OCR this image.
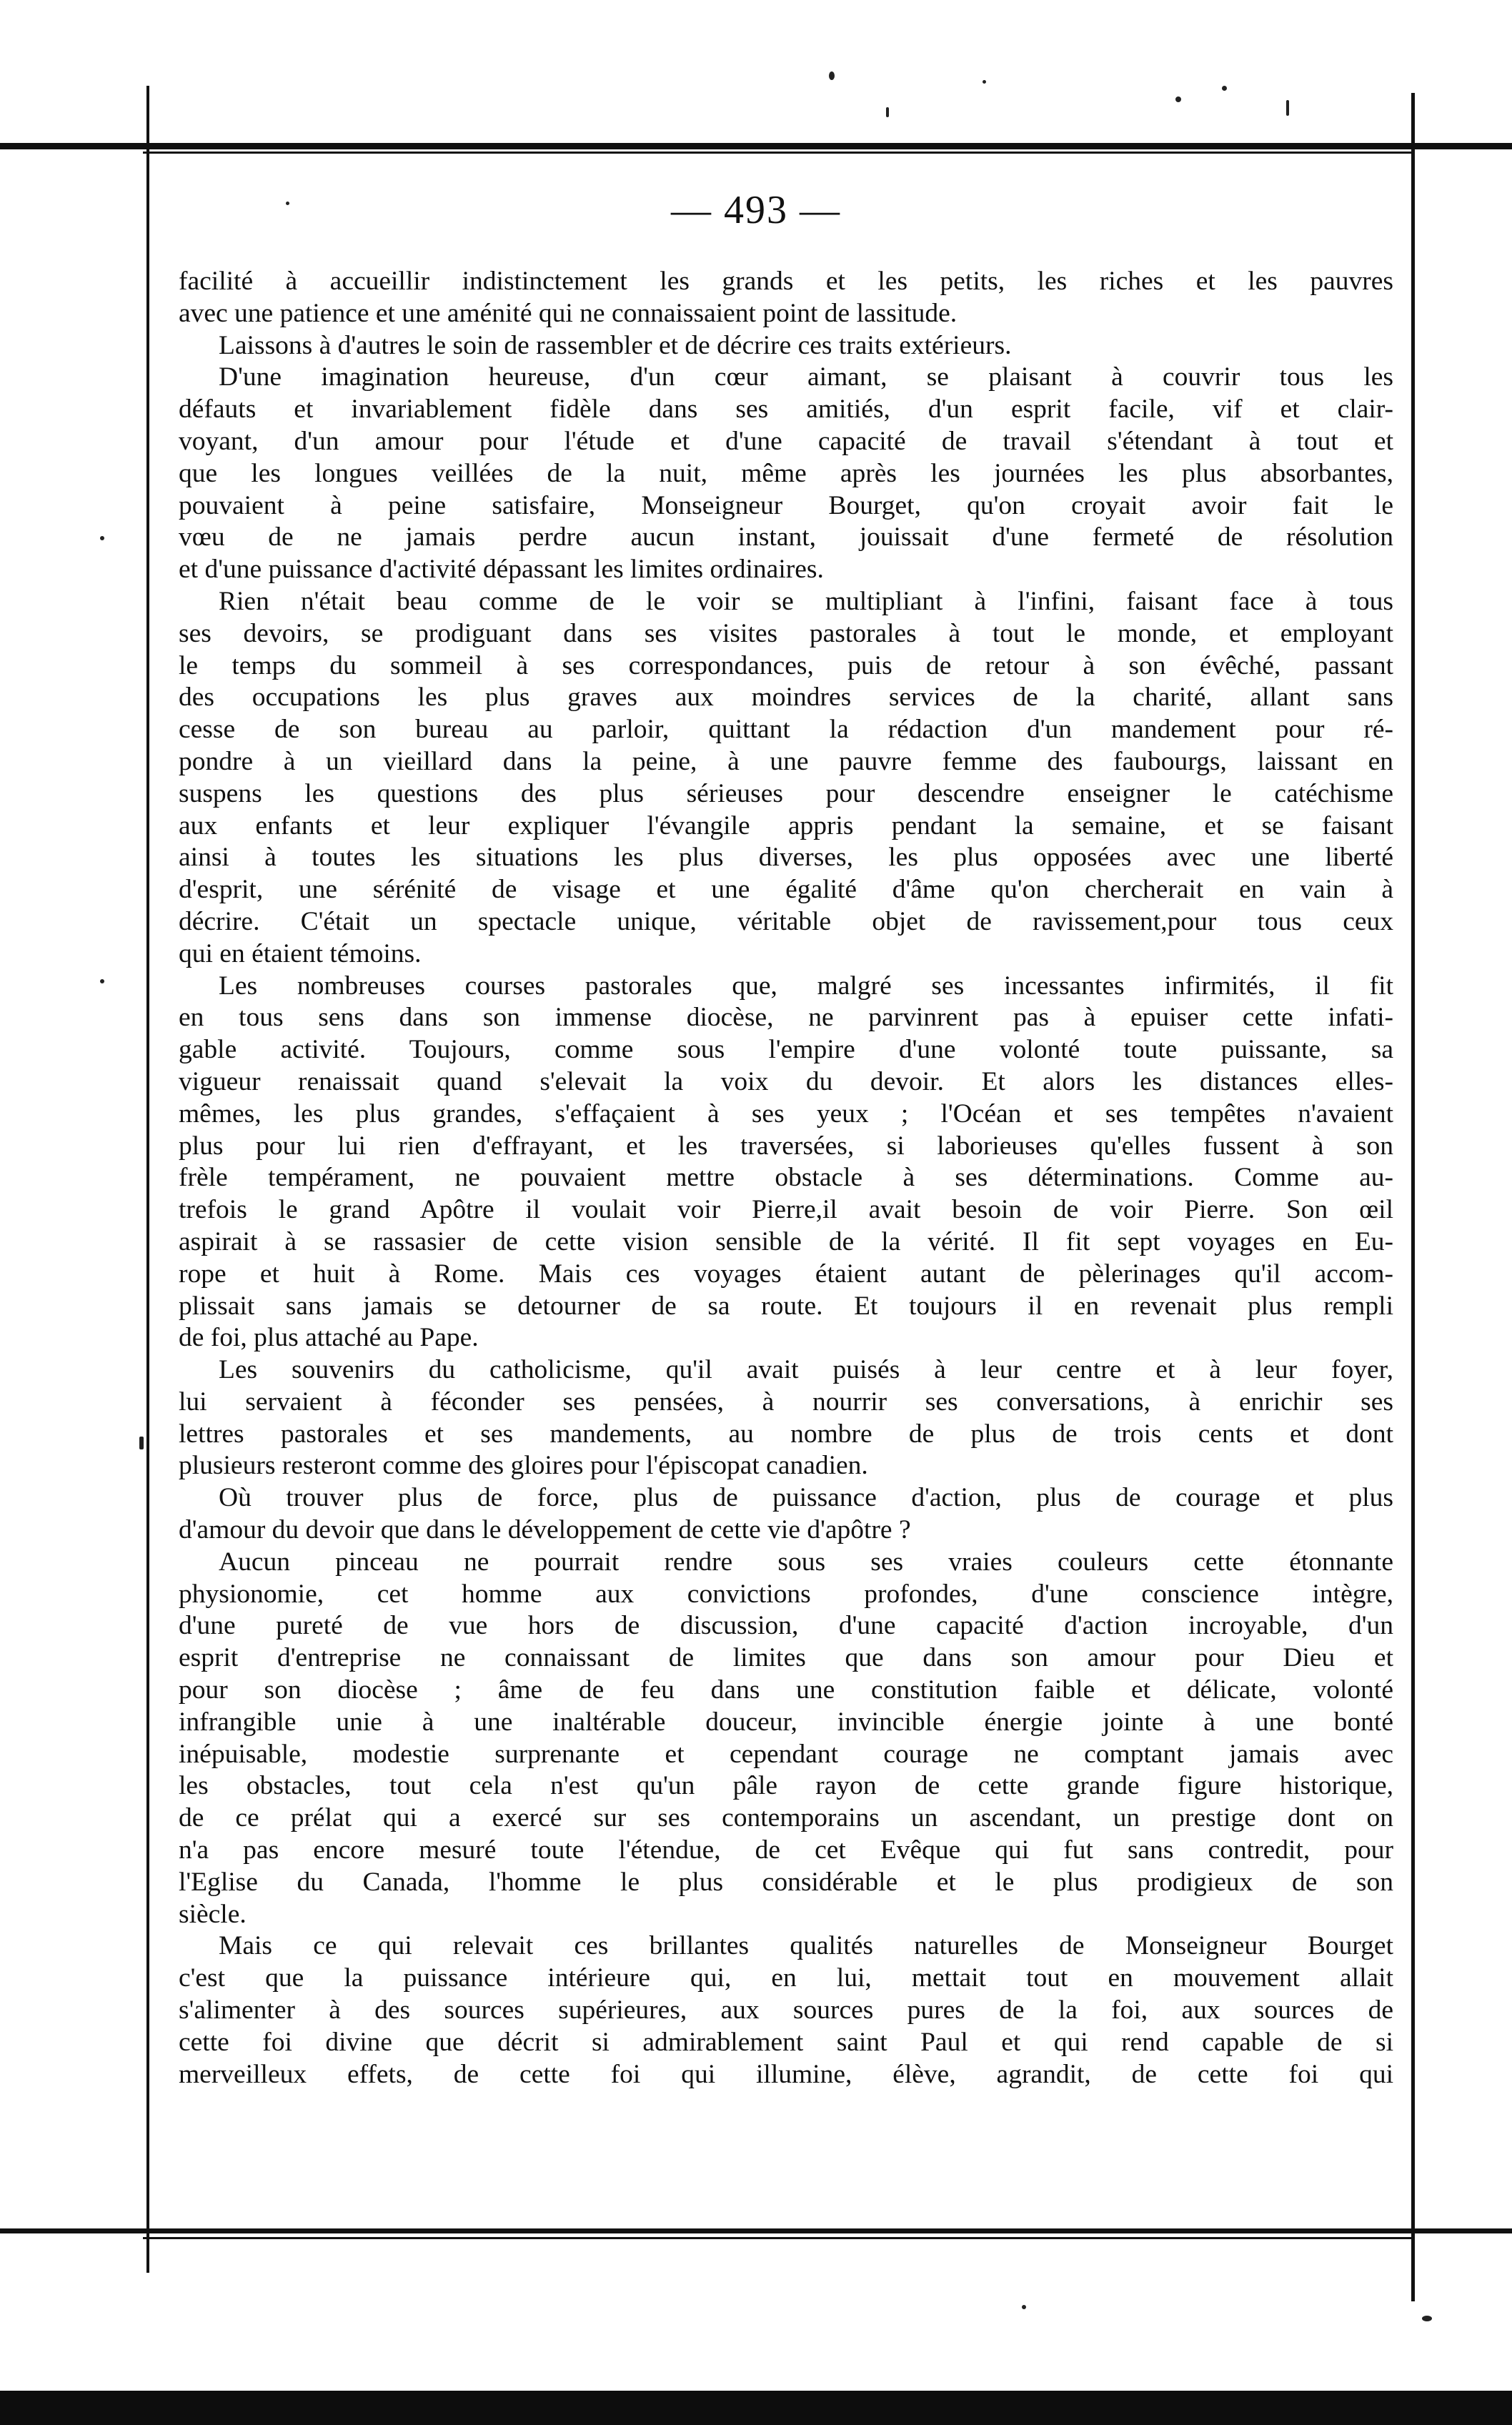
— 493 —

facilité à accueillir indistinctement les grands et les petits, les riches et les pauvres

avec une patience et une aménité qui ne connaissaient point de lassitude.

Laissons à d'autres le soin de rassembler et de décrire ces traits extérieurs.

D'une imagination heureuse, d'un cœur aimant, se plaisant à couvrir tous les

défauts et invariablement fidèle dans ses amitiés, d'un esprit facile, vif et clair-

voyant, d'un amour pour l'étude et d'une capacité de travail s'étendant à tout et

que les longues veillées de la nuit, même après les journées les plus absorbantes,

pouvaient à peine satisfaire, Monseigneur Bourget, qu'on croyait avoir fait le

vœu de ne jamais perdre aucun instant, jouissait d'une fermeté de résolution

et d'une puissance d'activité dépassant les limites ordinaires.

Rien n'était beau comme de le voir se multipliant à l'infini, faisant face à tous

ses devoirs, se prodiguant dans ses visites pastorales à tout le monde, et employant

le temps du sommeil à ses correspondances, puis de retour à son évêché, passant

des occupations les plus graves aux moindres services de la charité, allant sans

cesse de son bureau au parloir, quittant la rédaction d'un mandement pour ré-

pondre à un vieillard dans la peine, à une pauvre femme des faubourgs, laissant en

suspens les questions des plus sérieuses pour descendre enseigner le catéchisme

aux enfants et leur expliquer l'évangile appris pendant la semaine, et se faisant

ainsi à toutes les situations les plus diverses, les plus opposées avec une liberté

d'esprit, une sérénité de visage et une égalité d'âme qu'on chercherait en vain à

décrire. C'était un spectacle unique, véritable objet de ravissement,pour tous ceux

qui en étaient témoins.

Les nombreuses courses pastorales que, malgré ses incessantes infirmités, il fit

en tous sens dans son immense diocèse, ne parvinrent pas à epuiser cette infati-

gable activité. Toujours, comme sous l'empire d'une volonté toute puissante, sa

vigueur renaissait quand s'elevait la voix du devoir. Et alors les distances elles-

mêmes, les plus grandes, s'effaçaient à ses yeux ; l'Océan et ses tempêtes n'avaient

plus pour lui rien d'effrayant, et les traversées, si laborieuses qu'elles fussent à son

frèle tempérament, ne pouvaient mettre obstacle à ses déterminations. Comme au-

trefois le grand Apôtre il voulait voir Pierre,il avait besoin de voir Pierre. Son œil

aspirait à se rassasier de cette vision sensible de la vérité. Il fit sept voyages en Eu-

rope et huit à Rome. Mais ces voyages étaient autant de pèlerinages qu'il accom-

plissait sans jamais se detourner de sa route. Et toujours il en revenait plus rempli

de foi, plus attaché au Pape.

Les souvenirs du catholicisme, qu'il avait puisés à leur centre et à leur foyer,

lui servaient à féconder ses pensées, à nourrir ses conversations, à enrichir ses

lettres pastorales et ses mandements, au nombre de plus de trois cents et dont

plusieurs resteront comme des gloires pour l'épiscopat canadien.

Où trouver plus de force, plus de puissance d'action, plus de courage et plus

d'amour du devoir que dans le développement de cette vie d'apôtre ?

Aucun pinceau ne pourrait rendre sous ses vraies couleurs cette étonnante

physionomie, cet homme aux convictions profondes, d'une conscience intègre,

d'une pureté de vue hors de discussion, d'une capacité d'action incroyable, d'un

esprit d'entreprise ne connaissant de limites que dans son amour pour Dieu et

pour son diocèse ; âme de feu dans une constitution faible et délicate, volonté

infrangible unie à une inaltérable douceur, invincible énergie jointe à une bonté

inépuisable, modestie surprenante et cependant courage ne comptant jamais avec

les obstacles, tout cela n'est qu'un pâle rayon de cette grande figure historique,

de ce prélat qui a exercé sur ses contemporains un ascendant, un prestige dont on

n'a pas encore mesuré toute l'étendue, de cet Evêque qui fut sans contredit, pour

l'Eglise du Canada, l'homme le plus considérable et le plus prodigieux de son

siècle.

Mais ce qui relevait ces brillantes qualités naturelles de Monseigneur Bourget

c'est que la puissance intérieure qui, en lui, mettait tout en mouvement allait

s'alimenter à des sources supérieures, aux sources pures de la foi, aux sources de

cette foi divine que décrit si admirablement saint Paul et qui rend capable de si

merveilleux effets, de cette foi qui illumine, élève, agrandit, de cette foi qui
